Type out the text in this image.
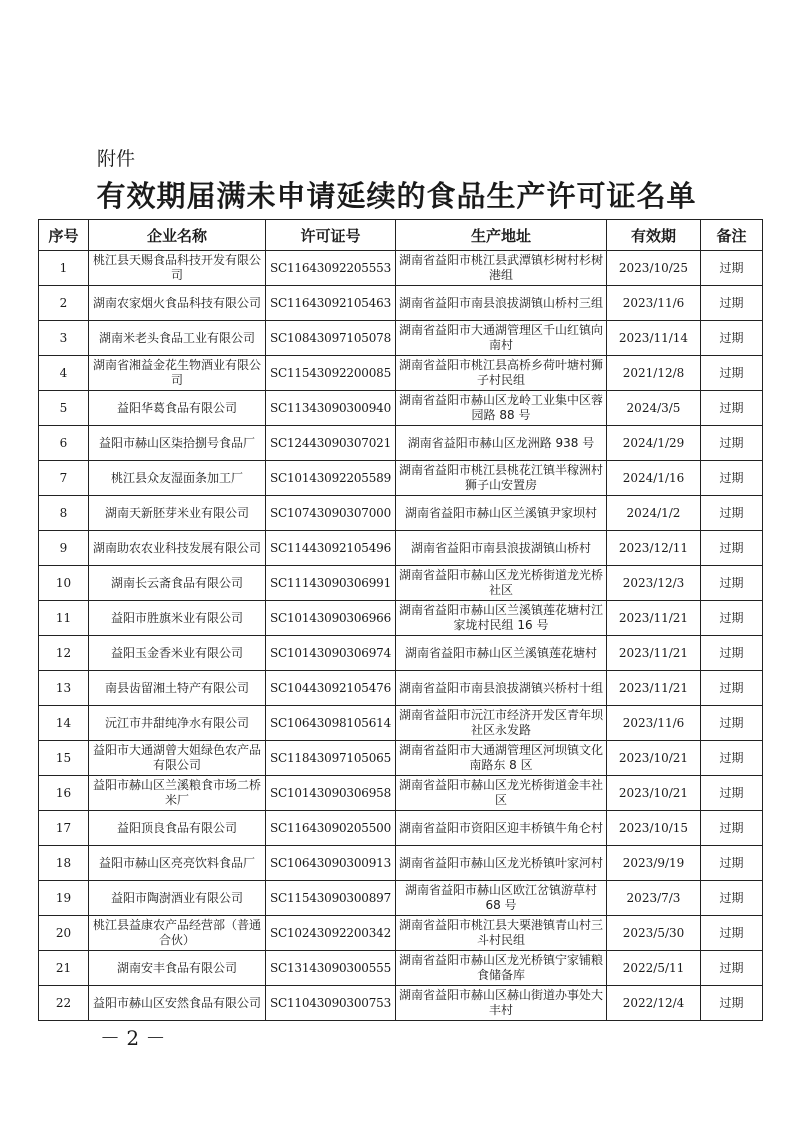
附件
有效期届满未申请延续的食品生产许可证名单
序号	企业名称	许可证号	生产地址	有效期	备注
1	桃江县天赐食品科技开发有限公司	SC11643092205553	湖南省益阳市桃江县武潭镇杉树村杉树港组	2023/10/25	过期
2	湖南农家烟火食品科技有限公司	SC11643092105463	湖南省益阳市南县浪拔湖镇山桥村三组	2023/11/6	过期
3	湖南米老头食品工业有限公司	SC10843097105078	湖南省益阳市大通湖管理区千山红镇向南村	2023/11/14	过期
4	湖南省湘益金花生物酒业有限公司	SC11543092200085	湖南省益阳市桃江县高桥乡荷叶塘村狮子村民组	2021/12/8	过期
5	益阳华葛食品有限公司	SC11343090300940	湖南省益阳市赫山区龙岭工业集中区蓉园路 88 号	2024/3/5	过期
6	益阳市赫山区柒拾捌号食品厂	SC12443090307021	湖南省益阳市赫山区龙洲路 938 号	2024/1/29	过期
7	桃江县众友湿面条加工厂	SC10143092205589	湖南省益阳市桃江县桃花江镇半稼洲村狮子山安置房	2024/1/16	过期
8	湖南天新胚芽米业有限公司	SC10743090307000	湖南省益阳市赫山区兰溪镇尹家坝村	2024/1/2	过期
9	湖南助农农业科技发展有限公司	SC11443092105496	湖南省益阳市南县浪拔湖镇山桥村	2023/12/11	过期
10	湖南长云斋食品有限公司	SC11143090306991	湖南省益阳市赫山区龙光桥街道龙光桥社区	2023/12/3	过期
11	益阳市胜旗米业有限公司	SC10143090306966	湖南省益阳市赫山区兰溪镇莲花塘村江家垅村民组 16 号	2023/11/21	过期
12	益阳玉金香米业有限公司	SC10143090306974	湖南省益阳市赫山区兰溪镇莲花塘村	2023/11/21	过期
13	南县齿留湘土特产有限公司	SC10443092105476	湖南省益阳市南县浪拔湖镇兴桥村十组	2023/11/21	过期
14	沅江市井甜纯净水有限公司	SC10643098105614	湖南省益阳市沅江市经济开发区青年坝社区永发路	2023/11/6	过期
15	益阳市大通湖曾大姐绿色农产品有限公司	SC11843097105065	湖南省益阳市大通湖管理区河坝镇文化南路东 8 区	2023/10/21	过期
16	益阳市赫山区兰溪粮食市场二桥米厂	SC10143090306958	湖南省益阳市赫山区龙光桥街道金丰社区	2023/10/21	过期
17	益阳顶良食品有限公司	SC11643090205500	湖南省益阳市资阳区迎丰桥镇牛角仑村	2023/10/15	过期
18	益阳市赫山区亮亮饮料食品厂	SC10643090300913	湖南省益阳市赫山区龙光桥镇叶家河村	2023/9/19	过期
19	益阳市陶澍酒业有限公司	SC11543090300897	湖南省益阳市赫山区欧江岔镇游草村 68 号	2023/7/3	过期
20	桃江县益康农产品经营部（普通合伙）	SC10243092200342	湖南省益阳市桃江县大栗港镇青山村三斗村民组	2023/5/30	过期
21	湖南安丰食品有限公司	SC13143090300555	湖南省益阳市赫山区龙光桥镇宁家铺粮食储备库	2022/5/11	过期
22	益阳市赫山区安然食品有限公司	SC11043090300753	湖南省益阳市赫山区赫山街道办事处大丰村	2022/12/4	过期
－ 2 －
